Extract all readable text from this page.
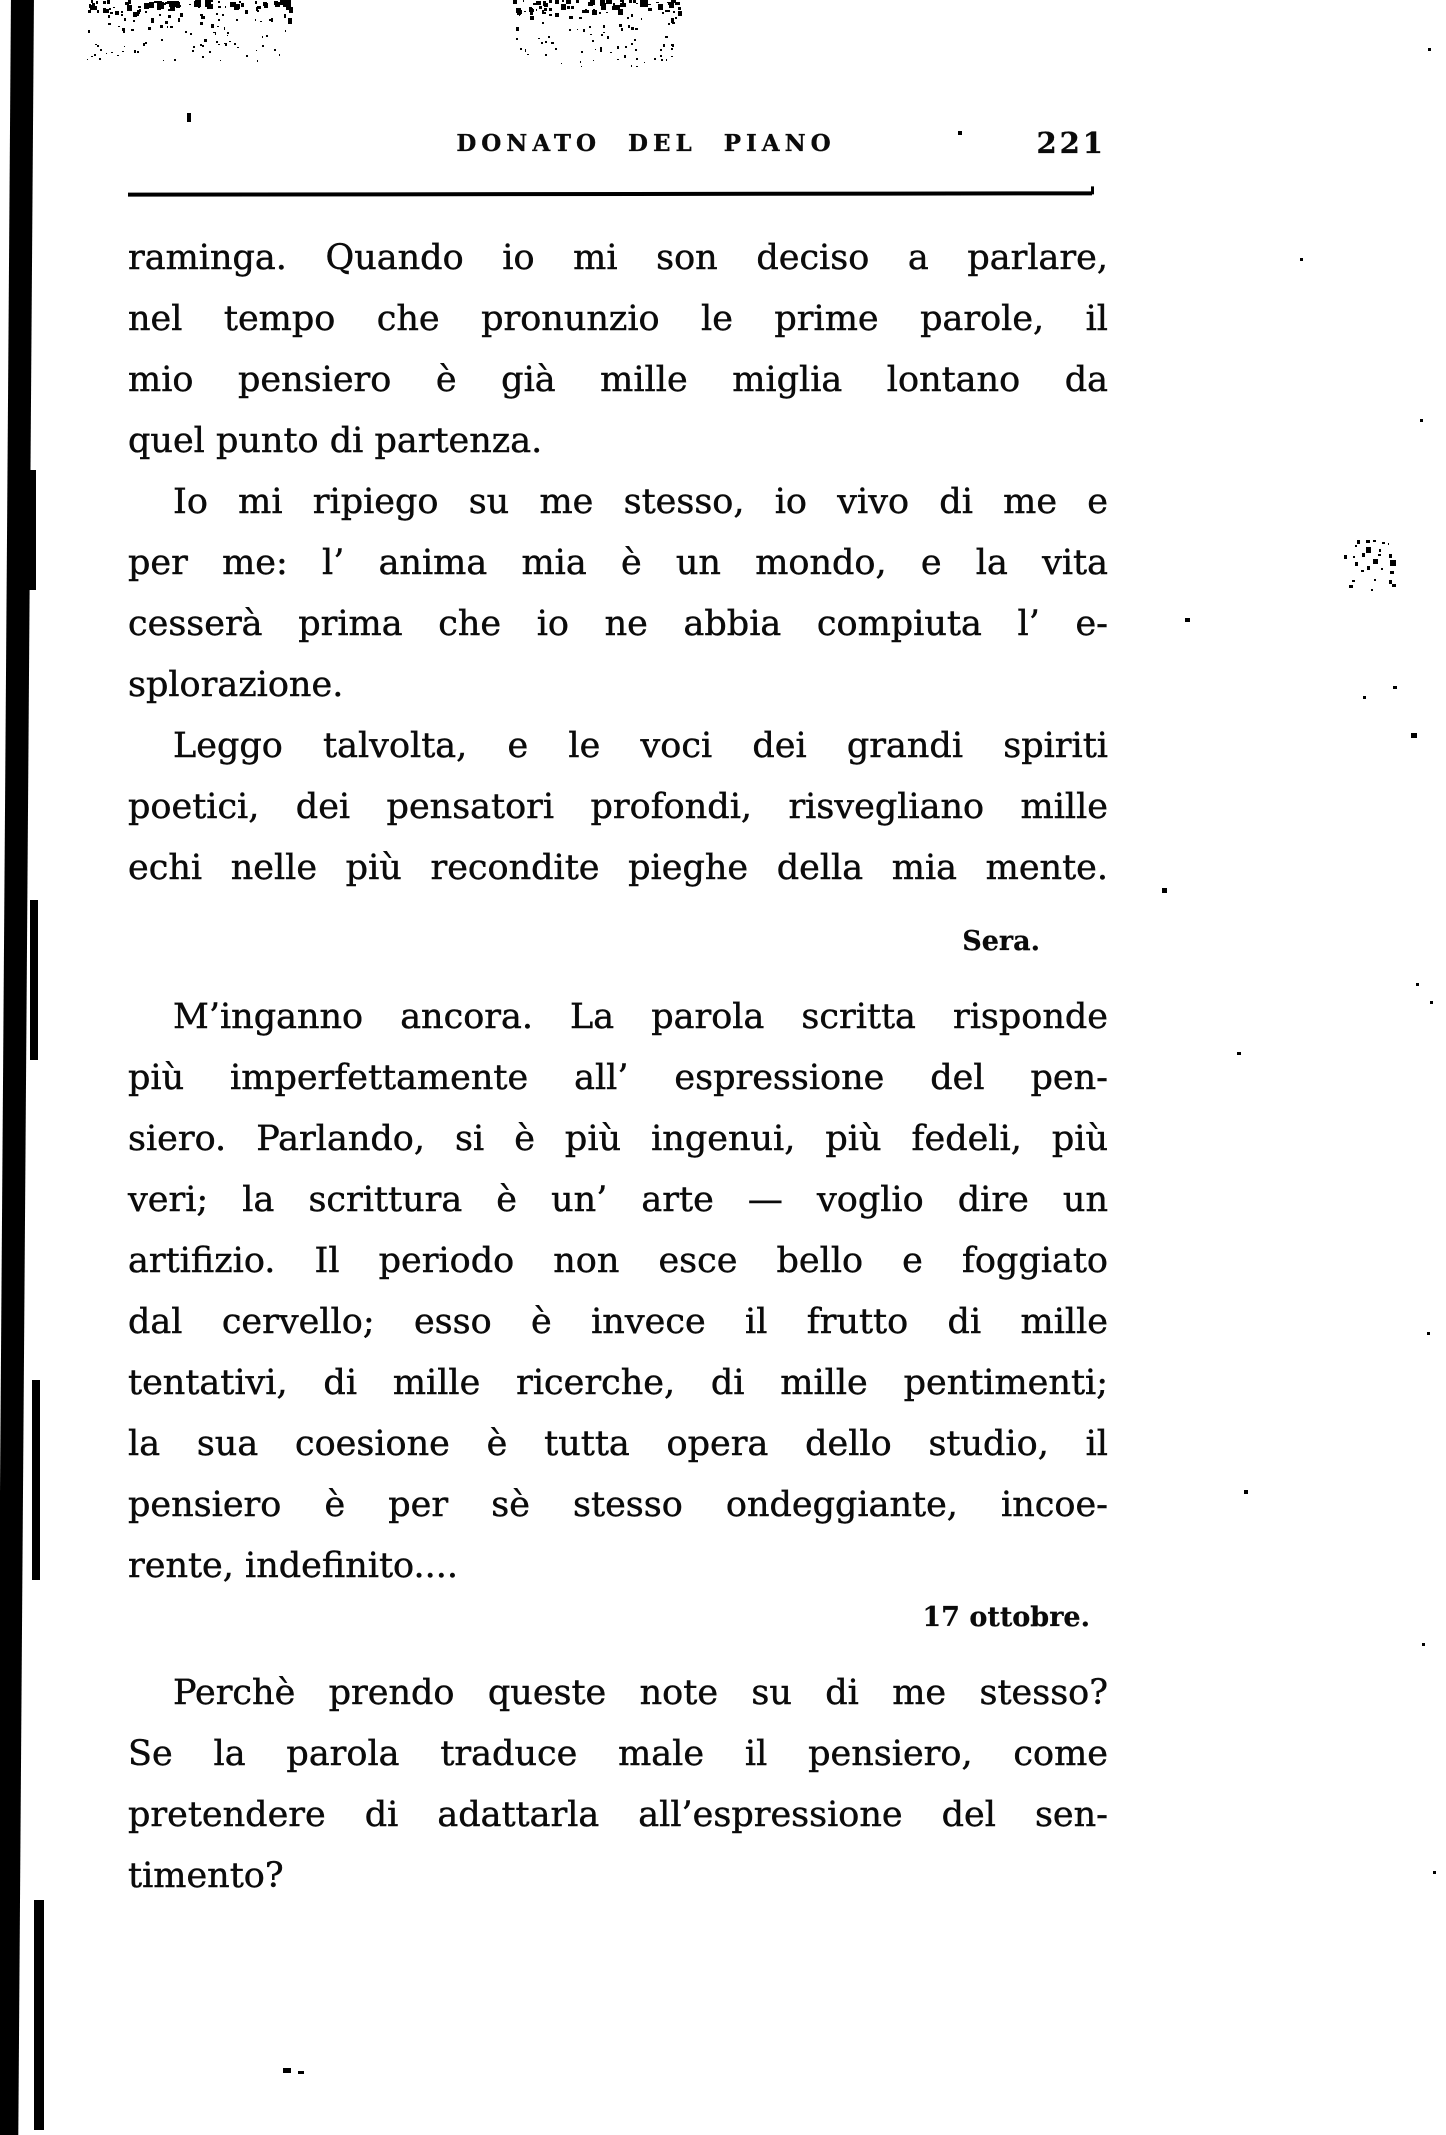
DONATO DEL PIANO	221
raminga. Quando io mi son deciso a parlare,
nel tempo che pronunzio le prime parole, il
mio pensiero è già mille miglia lontano da
quel punto di partenza.
Io mi ripiego su me stesso, io vivo di me e
per me: l’ anima mia è un mondo, e la vita
cesserà prima che io ne abbia compiuta l’ e-
splorazione.
Leggo talvolta, e le voci dei grandi spiriti
poetici, dei pensatori profondi, risvegliano mille
echi nelle più recondite pieghe della mia mente.
Sera.
M’inganno ancora. La parola scritta risponde
più imperfettamente all’ espressione del pen-
siero. Parlando, si è più ingenui, più fedeli, più
veri; la scrittura è un’ arte — voglio dire un
artifizio. Il periodo non esce bello e foggiato
dal cervello; esso è invece il frutto di mille
tentativi, di mille ricerche, di mille pentimenti;
la sua coesione è tutta opera dello studio, il
pensiero è per sè stesso ondeggiante, incoe-
rente, indefinito....
17 ottobre.
Perchè prendo queste note su di me stesso?
Se la parola traduce male il pensiero, come
pretendere di adattarla all’espressione del sen-
timento?
